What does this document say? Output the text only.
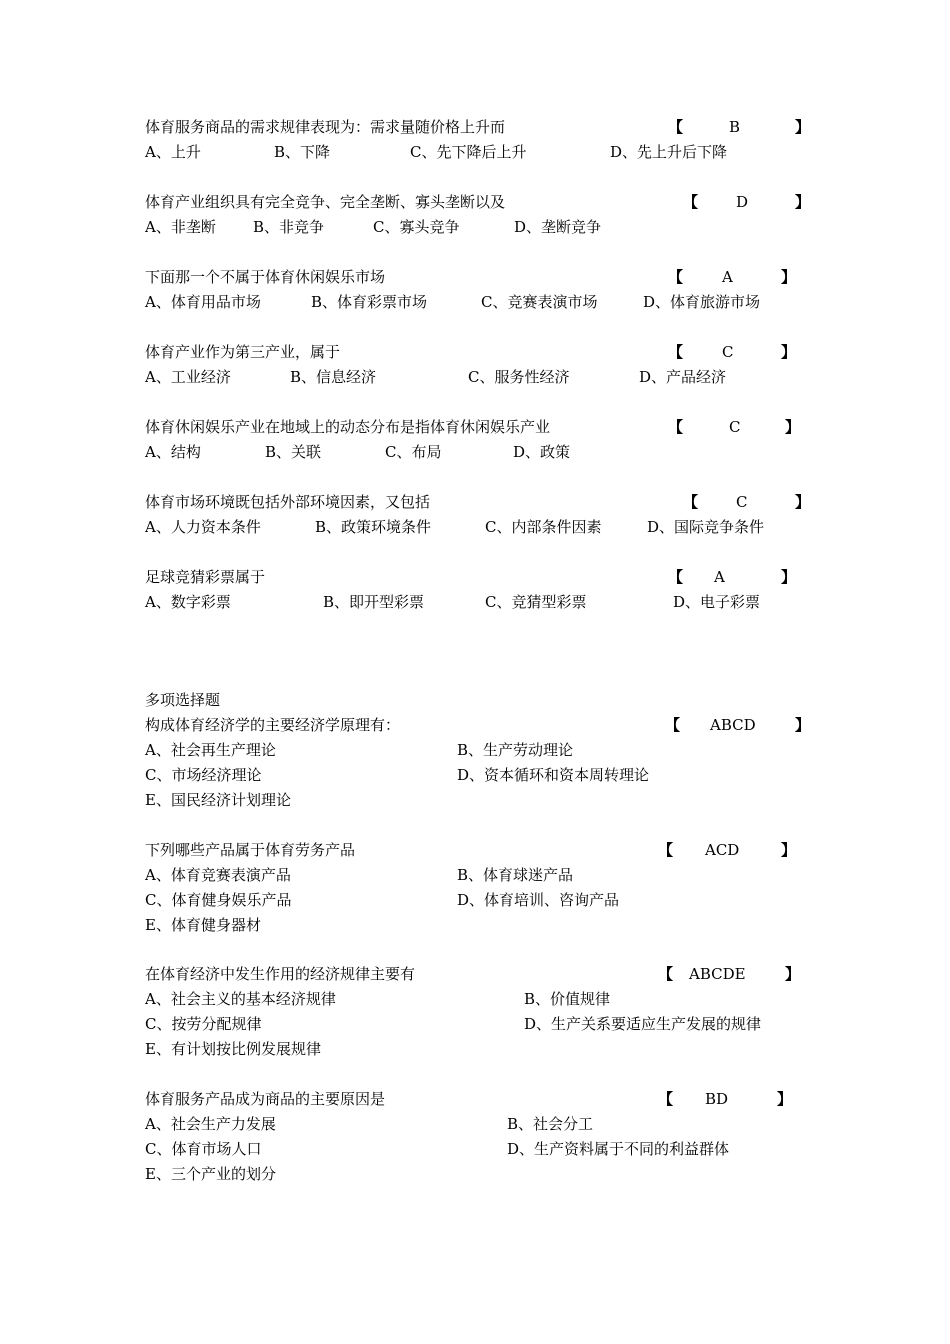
体育服务商品的需求规律表现为：需求量随价格上升而	【	B	】
A、上升	B、下降	C、先下降后上升	D、先上升后下降
体育产业组织具有完全竞争、完全垄断、寡头垄断以及	【	D	】
A、非垄断 B、非竞争	C、寡头竞争	D、垄断竞争
下面那一个不属于体育休闲娱乐市场	【	A	】
A、体育用品市场	B、体育彩票市场	C、竞赛表演市场	D、体育旅游市场
体育产业作为第三产业，属于	【	C	】
A、工业经济	B、信息经济	C、服务性经济	D、产品经济
体育休闲娱乐产业在地域上的动态分布是指体育休闲娱乐产业	【	C	】
A、结构	B、关联	C、布局	D、政策
体育市场环境既包括外部环境因素，又包括	【	C	】
A、人力资本条件	B、政策环境条件	C、内部条件因素	D、国际竞争条件
足球竞猜彩票属于	【 A	】
A、数字彩票	B、即开型彩票	C、竞猜型彩票	D、电子彩票
多项选择题
构成体育经济学的主要经济学原理有：	【 ABCD	】
A、社会再生产理论	B、生产劳动理论
C、市场经济理论	D、资本循环和资本周转理论
E、国民经济计划理论
下列哪些产品属于体育劳务产品	【 ACD	】
A、体育竞赛表演产品	B、体育球迷产品
C、体育健身娱乐产品	D、体育培训、咨询产品
E、体育健身器材
在体育经济中发生作用的经济规律主要有	【 ABCDE	】
A、社会主义的基本经济规律	B、价值规律
C、按劳分配规律	D、生产关系要适应生产发展的规律
E、有计划按比例发展规律
体育服务产品成为商品的主要原因是	【 BD	】
A、社会生产力发展	B、社会分工
C、体育市场人口	D、生产资料属于不同的利益群体
E、三个产业的划分
